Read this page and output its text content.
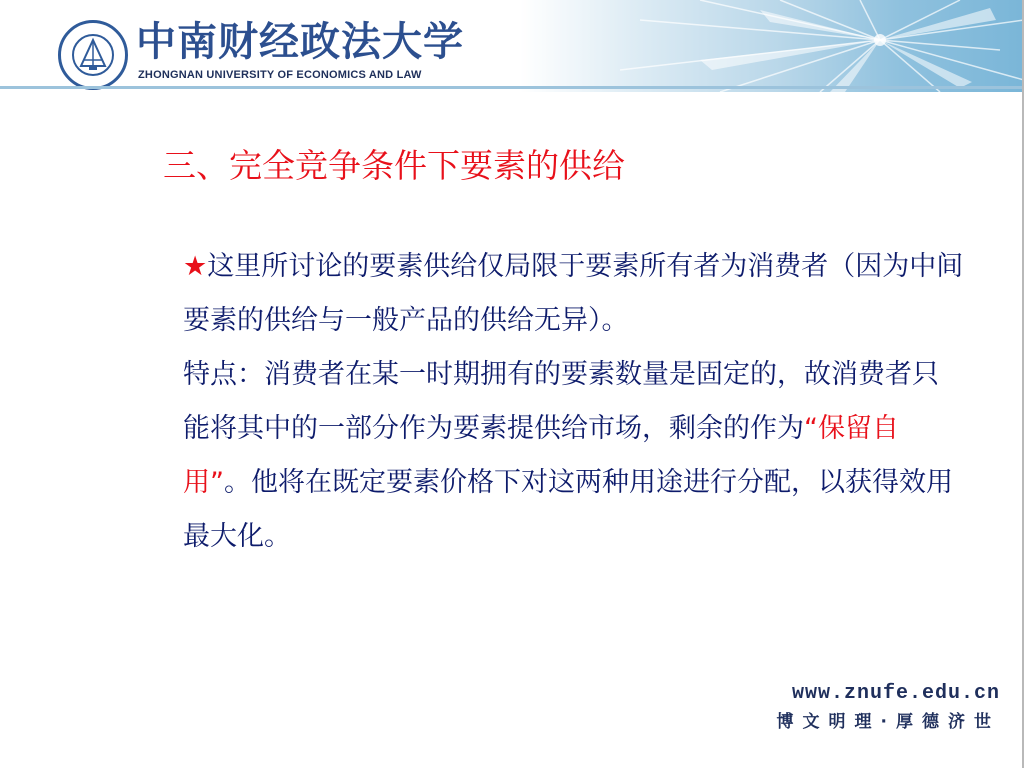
中南财经政法大学
ZHONGNAN UNIVERSITY OF ECONOMICS AND LAW
三、完全竞争条件下要素的供给

★这里所讨论的要素供给仅局限于要素所有者为消费者（因为中间要素的供给与一般产品的供给无异）。

特点：消费者在某一时期拥有的要素数量是固定的，故消费者只能将其中的一部分作为要素提供给市场，剩余的作为“保留自用”。他将在既定要素价格下对这两种用途进行分配，以获得效用最大化。

www.znufe.edu.cn
博文明理·厚德济世
